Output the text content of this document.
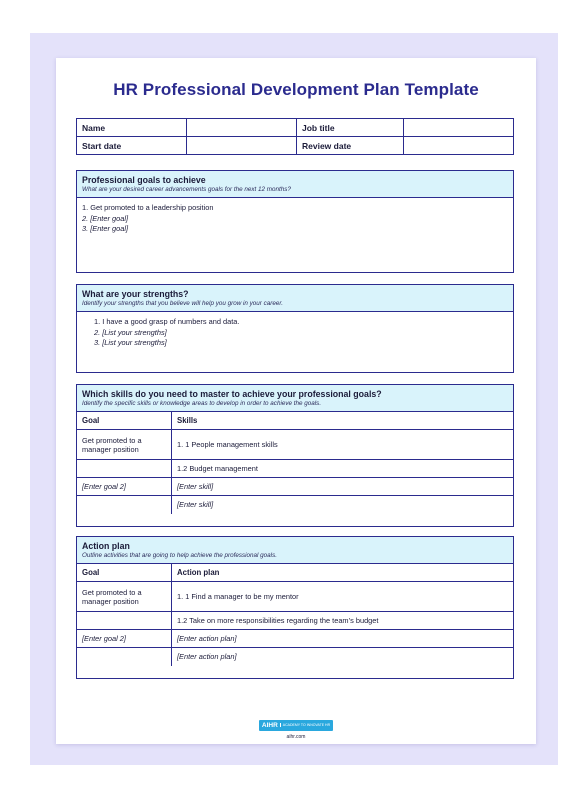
HR Professional Development Plan Template
Name		Job title	
Start date		Review date	
Professional goals to achieve
What are your desired career advancements goals for the next 12 months?
1. Get promoted to a leadership position
2. [Enter goal]
3. [Enter goal]
What are your strengths?
Identify your strengths that you believe will help you grow in your career.
1. I have a good grasp of numbers and data.
2. [List your strengths]
3. [List your strengths]
Which skills do you need to master to achieve your professional goals?
Identify the specific skills or knowledge areas to develop in order to achieve the goals.
Goal	Skills
Get promoted to a manager position	1. 1 People management skills
	1.2 Budget management
[Enter goal 2]	[Enter skill]
	[Enter skill]
Action plan
Outline activities that are going to help achieve the professional goals.
Goal	Action plan
Get promoted to a manager position	1. 1 Find a manager to be my mentor
	1.2 Take on more responsibilities regarding the team’s budget
[Enter goal 2]	[Enter action plan]
	[Enter action plan]
AIHR ACADEMY TO INNOVATE HR
aihr.com
